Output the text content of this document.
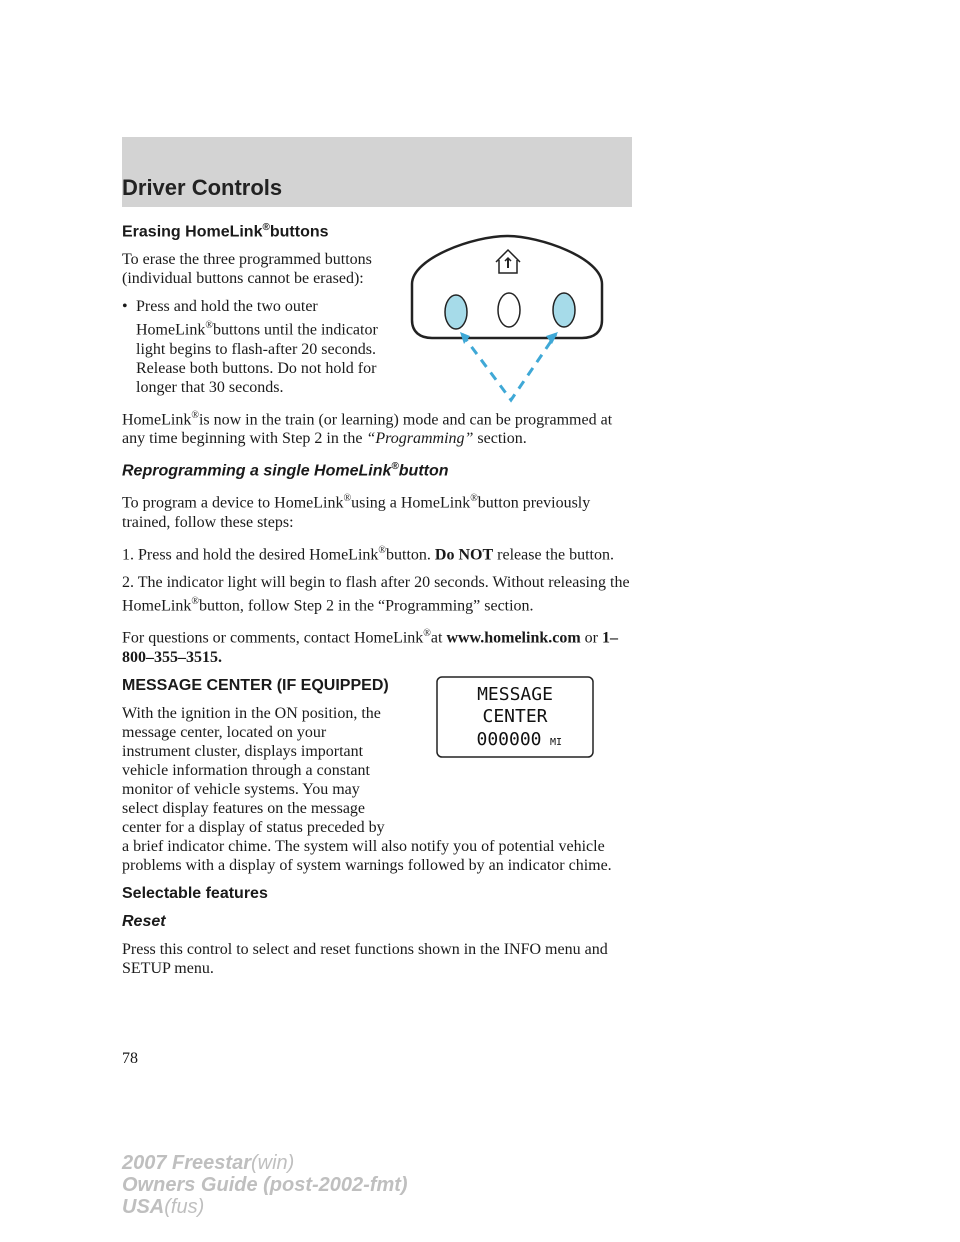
Driver Controls
MESSAGE
CENTER
000000 MI
Erasing HomeLink®buttons

To erase the three programmed buttons (individual buttons cannot be erased):

• Press and hold the two outer HomeLink®buttons until the indicator light begins to flash-after 20 seconds. Release both buttons. Do not hold for longer that 30 seconds.

HomeLink®is now in the train (or learning) mode and can be programmed at any time beginning with Step 2 in the “Programming” section.

Reprogramming a single HomeLink®button

To program a device to HomeLink®using a HomeLink®button previously trained, follow these steps:

1. Press and hold the desired HomeLink®button. Do NOT release the button.

2. The indicator light will begin to flash after 20 seconds. Without releasing the HomeLink®button, follow Step 2 in the “Programming” section.

For questions or comments, contact HomeLink®at www.homelink.com or 1–800–355–3515.

MESSAGE CENTER (IF EQUIPPED)

With the ignition in the ON position, the message center, located on your instrument cluster, displays important vehicle information through a constant monitor of vehicle systems. You may select display features on the message center for a display of status preceded by a brief indicator chime. The system will also notify you of potential vehicle problems with a display of system warnings followed by an indicator chime.

Selectable features
Reset

Press this control to select and reset functions shown in the INFO menu and SETUP menu.

78
2007 Freestar(win)
Owners Guide (post-2002-fmt)
USA(fus)
